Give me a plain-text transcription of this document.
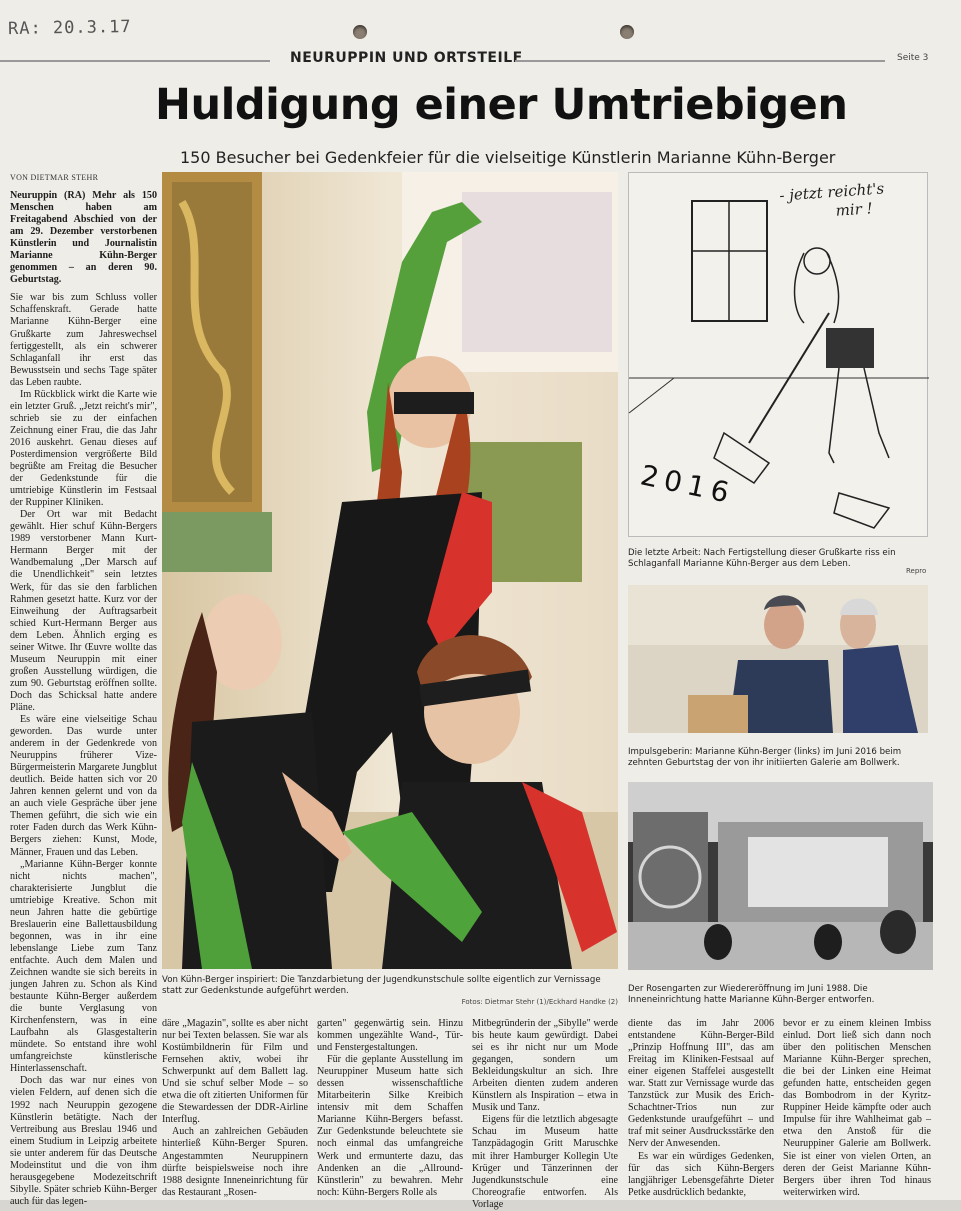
RA: 20.3.17
NEURUPPIN UND ORTSTEILE	Seite 3
Huldigung einer Umtriebigen
150 Besucher bei Gedenkfeier für die vielseitige Künstlerin Marianne Kühn-Berger
VON DIETMAR STEHR

Neuruppin (RA) Mehr als 150 Menschen haben am Freitagabend Abschied von der am 29. Dezember verstorbenen Künstlerin und Journalistin Marianne Kühn-Berger genommen – an deren 90. Geburtstag.

Sie war bis zum Schluss voller Schaffenskraft. Gerade hatte Marianne Kühn-Berger eine Grußkarte zum Jahreswechsel fertiggestellt, als ein schwerer Schlaganfall ihr erst das Bewusstsein und sechs Tage später das Leben raubte.

Im Rückblick wirkt die Karte wie ein letzter Gruß. „Jetzt reicht's mir", schrieb sie zu der einfachen Zeichnung einer Frau, die das Jahr 2016 auskehrt. Genau dieses auf Posterdimension vergrößerte Bild begrüßte am Freitag die Besucher der Gedenkstunde für die umtriebige Künstlerin im Festsaal der Ruppiner Kliniken.

Der Ort war mit Bedacht gewählt. Hier schuf Kühn-Bergers 1989 verstorbener Mann Kurt-Hermann Berger mit der Wandbemalung „Der Marsch auf die Unendlichkeit" sein letztes Werk, für das sie den farblichen Rahmen gesetzt hatte. Kurz vor der Einweihung der Auftragsarbeit schied Kurt-Hermann Berger aus dem Leben. Ähnlich erging es seiner Witwe. Ihr Œuvre wollte das Museum Neuruppin mit einer großen Ausstellung würdigen, die zum 90. Geburtstag eröffnen sollte. Doch das Schicksal hatte andere Pläne.

Es wäre eine vielseitige Schau geworden. Das wurde unter anderem in der Gedenkrede von Neuruppins früherer Vize-Bürgermeisterin Margarete Jungblut deutlich. Beide hatten sich vor 20 Jahren kennen gelernt und von da an auch viele Gespräche über jene Themen geführt, die sich wie ein roter Faden durch das Werk Kühn-Bergers ziehen: Kunst, Mode, Männer, Frauen und das Leben.

„Marianne Kühn-Berger konnte nicht nichts machen", charakterisierte Jungblut die umtriebige Kreative. Schon mit neun Jahren hatte die gebürtige Breslauerin eine Ballettausbildung begonnen, was in ihr eine lebenslange Liebe zum Tanz entfachte. Auch dem Malen und Zeichnen wandte sie sich bereits in jungen Jahren zu. Schon als Kind bestaunte Kühn-Berger außerdem die bunte Verglasung von Kirchenfenstern, was in eine Laufbahn als Glasgestalterin mündete. So entstand ihre wohl umfangreichste künstlerische Hinterlassenschaft.

Doch das war nur eines von vielen Feldern, auf denen sich die 1992 nach Neuruppin gezogene Künstlerin betätigte. Nach der Vertreibung aus Breslau 1946 und einem Studium in Leipzig arbeitete sie unter anderem für das Deutsche Modeinstitut und die von ihm herausgegebene Modezeitschrift Sibylle. Später schrieb Kühn-Berger auch für das legen-

Von Kühn-Berger inspiriert: Die Tanzdarbietung der Jugendkunstschule sollte eigentlich zur Vernissage statt zur Gedenkstunde aufgeführt werden.
Fotos: Dietmar Stehr (1)/Eckhard Handke (2)
- jetzt reicht's
mir !
2016
Die letzte Arbeit: Nach Fertigstellung dieser Grußkarte riss ein Schlaganfall Marianne Kühn-Berger aus dem Leben.
Repro
Impulsgeberin: Marianne Kühn-Berger (links) im Juni 2016 beim zehnten Geburtstag der von ihr initiierten Galerie am Bollwerk.
Der Rosengarten zur Wiedereröffnung im Juni 1988. Die Inneneinrichtung hatte Marianne Kühn-Berger entworfen.

däre „Magazin", sollte es aber nicht nur bei Texten belassen. Sie war als Kostümbildnerin für Film und Fernsehen aktiv, wobei ihr Schwerpunkt auf dem Ballett lag. Und sie schuf selber Mode – so etwa die oft zitierten Uniformen für die Stewardessen der DDR-Airline Interflug.

Auch an zahlreichen Gebäuden hinterließ Kühn-Berger Spuren. Angestammten Neuruppinern dürfte beispielsweise noch ihre 1988 designte Inneneinrichtung für das Restaurant „Rosen-

garten" gegenwärtig sein. Hinzu kommen ungezählte Wand-, Tür- und Fenstergestaltungen.

Für die geplante Ausstellung im Neuruppiner Museum hatte sich dessen wissenschaftliche Mitarbeiterin Silke Kreibich intensiv mit dem Schaffen Marianne Kühn-Bergers befasst. Zur Gedenkstunde beleuchtete sie noch einmal das umfangreiche Werk und ermunterte dazu, das Andenken an die „Allround-Künstlerin" zu bewahren. Mehr noch: Kühn-Bergers Rolle als

Mitbegründerin der „Sibylle" werde bis heute kaum gewürdigt. Dabei sei es ihr nicht nur um Mode gegangen, sondern um Bekleidungskultur an sich. Ihre Arbeiten dienten zudem anderen Künstlern als Inspiration – etwa in Musik und Tanz.

Eigens für die letztlich abgesagte Schau im Museum hatte Tanzpädagogin Gritt Maruschke mit ihrer Hamburger Kollegin Ute Krüger und Tänzerinnen der Jugendkunstschule eine Choreografie entworfen. Als Vorlage

diente das im Jahr 2006 entstandene Kühn-Berger-Bild „Prinzip Hoffnung III", das am Freitag im Kliniken-Festsaal auf einer eigenen Staffelei ausgestellt war. Statt zur Vernissage wurde das Tanzstück zur Musik des Erich-Schachtner-Trios nun zur Gedenkstunde uraufgeführt – und traf mit seiner Ausdrucksstärke den Nerv der Anwesenden.

Es war ein würdiges Gedenken, für das sich Kühn-Bergers langjähriger Lebensgefährte Dieter Petke ausdrücklich bedankte,

bevor er zu einem kleinen Imbiss einlud. Dort ließ sich dann noch über den politischen Menschen Marianne Kühn-Berger sprechen, die bei der Linken eine Heimat gefunden hatte, entscheiden gegen das Bombodrom in der Kyritz-Ruppiner Heide kämpfte oder auch Impulse für ihre Wahlheimat gab – etwa den Anstoß für die Neuruppiner Galerie am Bollwerk. Sie ist einer von vielen Orten, an deren der Geist Marianne Kühn-Bergers über ihren Tod hinaus weiterwirken wird.
